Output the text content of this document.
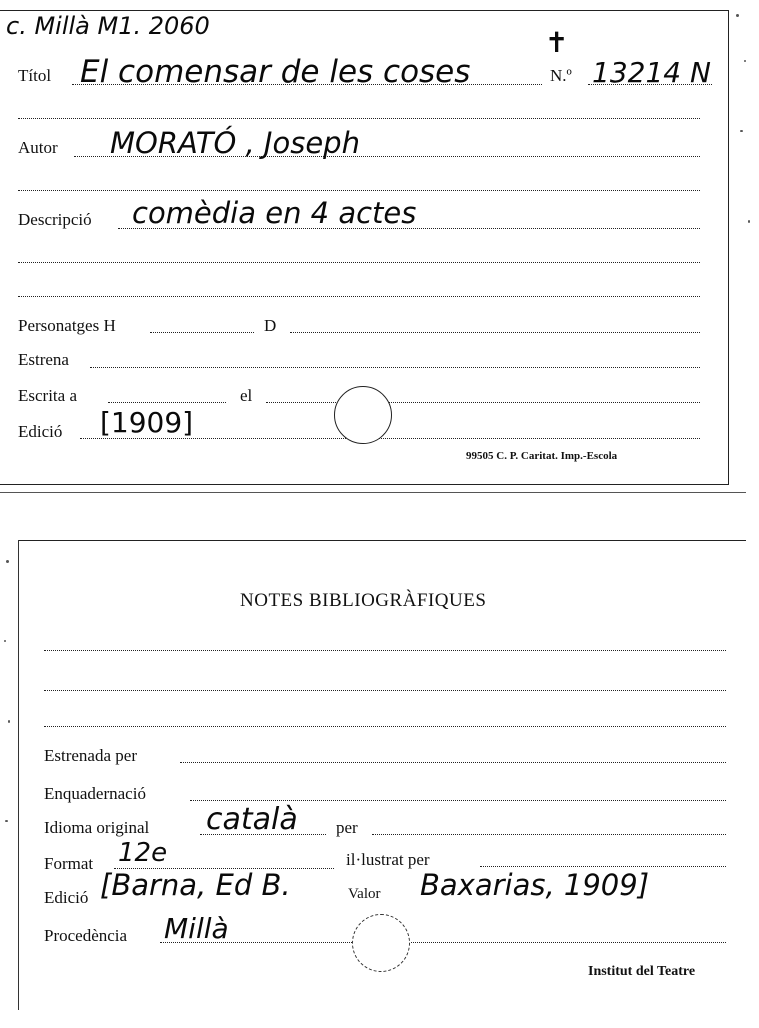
c. Millà M1. 2060
Títol El comensar de les coses
✝
N.º 13214 N
Autor MORATÓ , Joseph
Descripció comèdia en 4 actes
Personatges H	D
Estrena
Escrita a	el
Edició [1909]
99505 C. P. Caritat. Imp.-Escola
NOTES BIBLIOGRÀFIQUES
Estrenada per
Enquadernació
Idioma original català per
Format 12e	il·lustrat per
Edició [Barna, Ed B.	Valor Baxarias, 1909]
Procedència Millà
Institut del Teatre
